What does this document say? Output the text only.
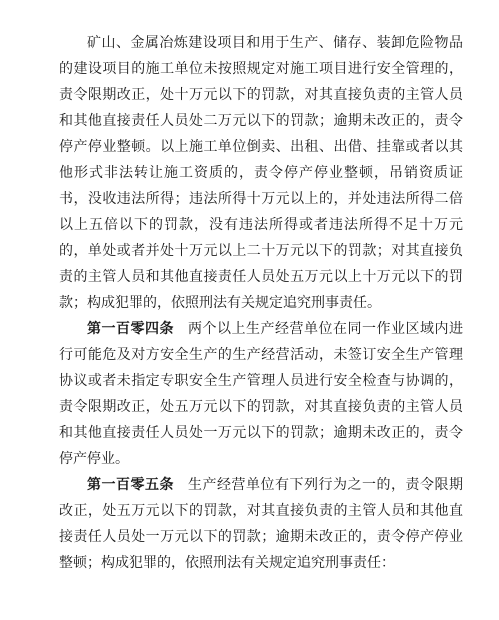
矿山、金属冶炼建设项目和用于生产、储存、装卸危险物品的建设项目的施工单位未按照规定对施工项目进行安全管理的，责令限期改正，处十万元以下的罚款，对其直接负责的主管人员和其他直接责任人员处二万元以下的罚款；逾期未改正的，责令停产停业整顿。以上施工单位倒卖、出租、出借、挂靠或者以其他形式非法转让施工资质的，责令停产停业整顿，吊销资质证书，没收违法所得；违法所得十万元以上的，并处违法所得二倍以上五倍以下的罚款，没有违法所得或者违法所得不足十万元的，单处或者并处十万元以上二十万元以下的罚款；对其直接负责的主管人员和其他直接责任人员处五万元以上十万元以下的罚款；构成犯罪的，依照刑法有关规定追究刑事责任。

第一百零四条 两个以上生产经营单位在同一作业区域内进行可能危及对方安全生产的生产经营活动，未签订安全生产管理协议或者未指定专职安全生产管理人员进行安全检查与协调的，责令限期改正，处五万元以下的罚款，对其直接负责的主管人员和其他直接责任人员处一万元以下的罚款；逾期未改正的，责令停产停业。

第一百零五条 生产经营单位有下列行为之一的，责令限期改正，处五万元以下的罚款，对其直接负责的主管人员和其他直接责任人员处一万元以下的罚款；逾期未改正的，责令停产停业整顿；构成犯罪的，依照刑法有关规定追究刑事责任：
